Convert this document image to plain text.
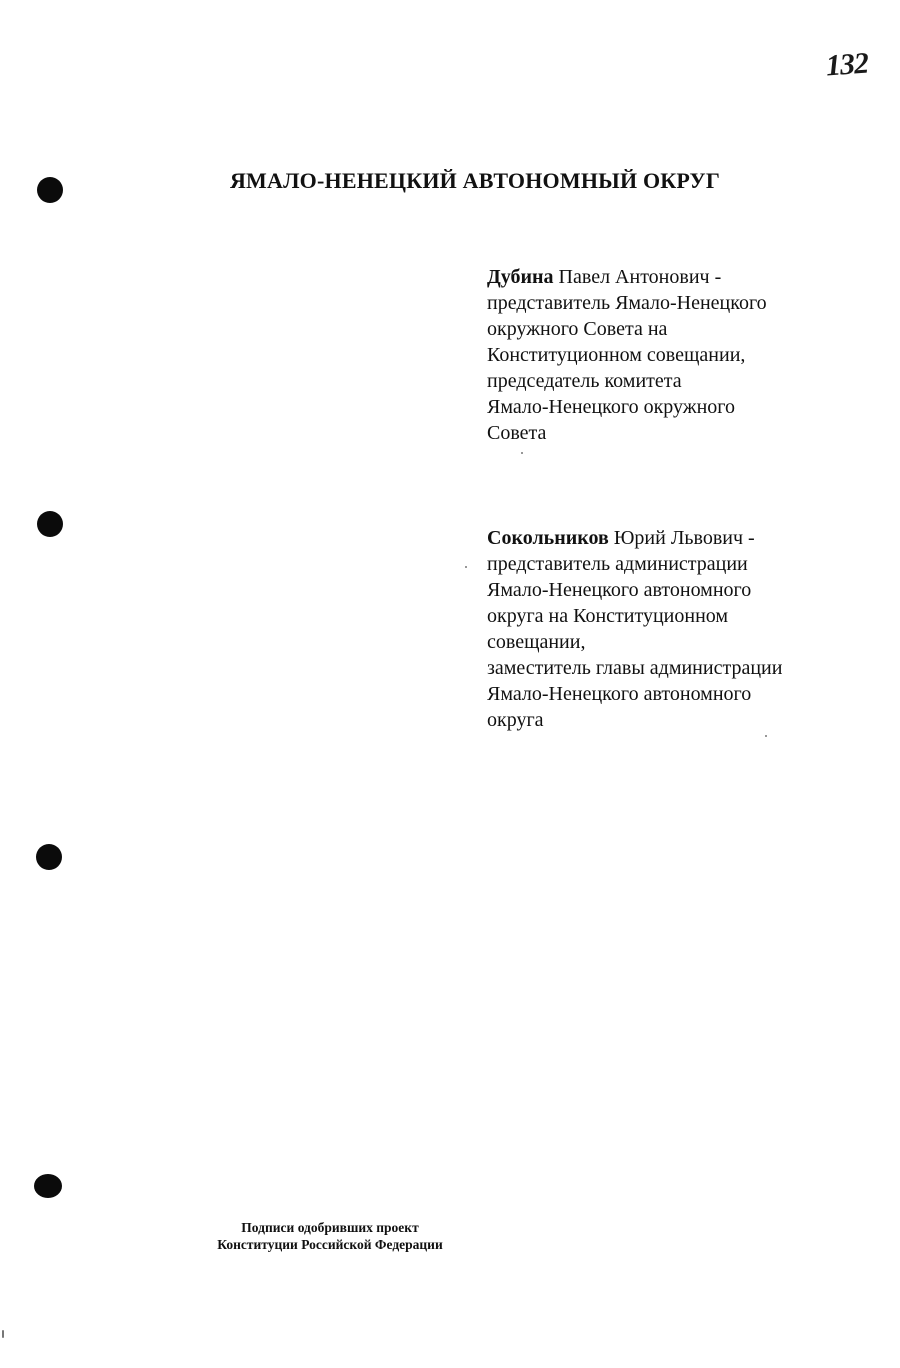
132
ЯМАЛО-НЕНЕЦКИЙ АВТОНОМНЫЙ ОКРУГ
Дубина Павел Антонович -
представитель Ямало-Ненецкого
окружного Совета на
Конституционном совещании,
председатель комитета
Ямало-Ненецкого окружного
Совета
Сокольников Юрий Львович -
представитель администрации
Ямало-Ненецкого автономного
округа на Конституционном
совещании,
заместитель главы администрации
Ямало-Ненецкого автономного
округа
Подписи одобривших проект
Конституции Российской Федерации
